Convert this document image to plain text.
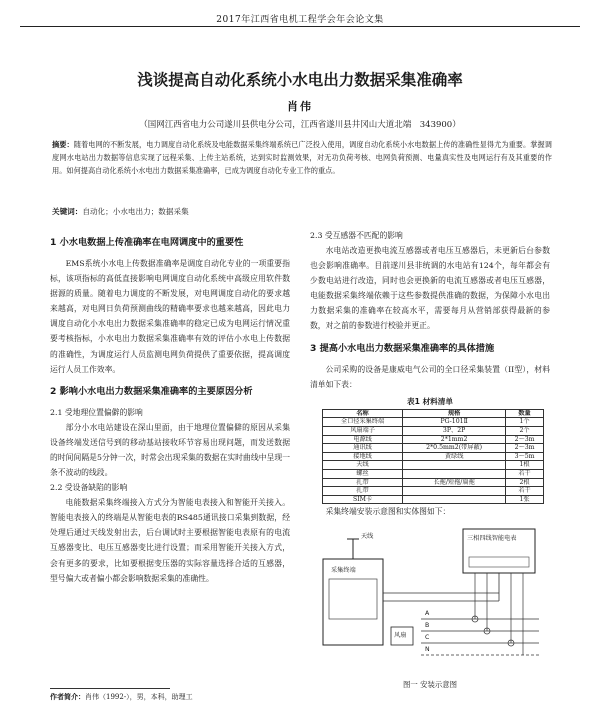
2017年江西省电机工程学会年会论文集
浅谈提高自动化系统小水电出力数据采集准确率
肖伟
（国网江西省电力公司遂川县供电分公司，江西省遂川县井冈山大道北端　343900）
摘要：随着电网的不断发展，电力调度自动化系统及电能数据采集终端系统已广泛投入使用，调度自动化系统小水电数据上传的准确性显得尤为重要。掌握调度网水电站出力数据等信息实现了远程采集、上传主站系统，达到实时监测效果，对无功负荷考核、电网负荷预测、电量真实性及电网运行有及其重要的作用。如何提高自动化系统小水电出力数据采集准确率，已成为调度自动化专业工作的重点。
关键词：自动化；小水电出力；数据采集
1 小水电数据上传准确率在电网调度中的重要性
EMS系统小水电上传数据准确率是调度自动化专业的一项重要指标，该项指标的高低直接影响电网调度自动化系统中高级应用软件数据源的质量。随着电力调度的不断发展，对电网调度自动化的要求越来越高，对电网日负荷预测曲线的精确率要求也越来越高，因此电力调度自动化小水电出力数据采集准确率的稳定已成为电网运行情况重要考核指标，小水电出力数据采集准确率有效的评估小水电上传数据的准确性，为调度运行人员监测电网负荷提供了重要依据，提高调度运行人员工作效率。
2 影响小水电出力数据采集准确率的主要原因分析
2.1 受地理位置偏僻的影响
部分小水电站建设在深山里面，由于地理位置偏僻的原因从采集设备终端发送信号到的移动基站接收环节容易出现问题，而发送数据的时间间隔是5分钟一次，时常会出现采集的数据在实时曲线中呈现一条不波动的线段。
2.2 受设备缺陷的影响
电能数据采集终端接入方式分为智能电表接入和智能开关接入。智能电表接入的终端是从智能电表的RS485通讯接口采集到数据，经处理后通过天线发射出去，后台调试时主要根据智能电表原有的电流互感器变比、电压互感器变比进行设置；而采用智能开关接入方式，会有更多的要求，比如要根据变压器的实际容量选择合适的互感器，型号偏大或者偏小都会影响数据采集的准确性。
2.3 受互感器不匹配的影响
水电站改造更换电流互感器或者电压互感器后，未更新后台参数也会影响准确率。目前遂川县非统调的水电站有124个，每年都会有少数电站进行改造，同时也会更换新的电流互感器或者电压互感器，电能数据采集终端依赖于这些参数提供准确的数据，为保障小水电出力数据采集的准确率在较高水平，需要每月从营销部获得最新的参数，对之前的参数进行校验并更正。
3 提高小水电出力数据采集准确率的具体措施
公司采购的设备是康威电气公司的全口径采集装置（II型），材料清单如下表：
表1 材料清单
名称	规格	数量
全口径采集终端	PG-101Ⅱ	1个
风扇端子	3P、2P	2个
电源线	2*1mm2	2～3m
通讯线	2*0.5mm2(带屏蔽)	2～3m
接地线	黄绿线	3～5m
天线		1根
螺丝		若干
扎带	长拖/短拖/扁拖	2根
扎带		若干
SIM卡		1张
采集终端安装示意图和实体图如下：
采集终端
三相四线智能电表
天线
风扇
A
B
C
N
图一 安装示意图
作者简介：肖伟（1992-），男，本科，助理工
